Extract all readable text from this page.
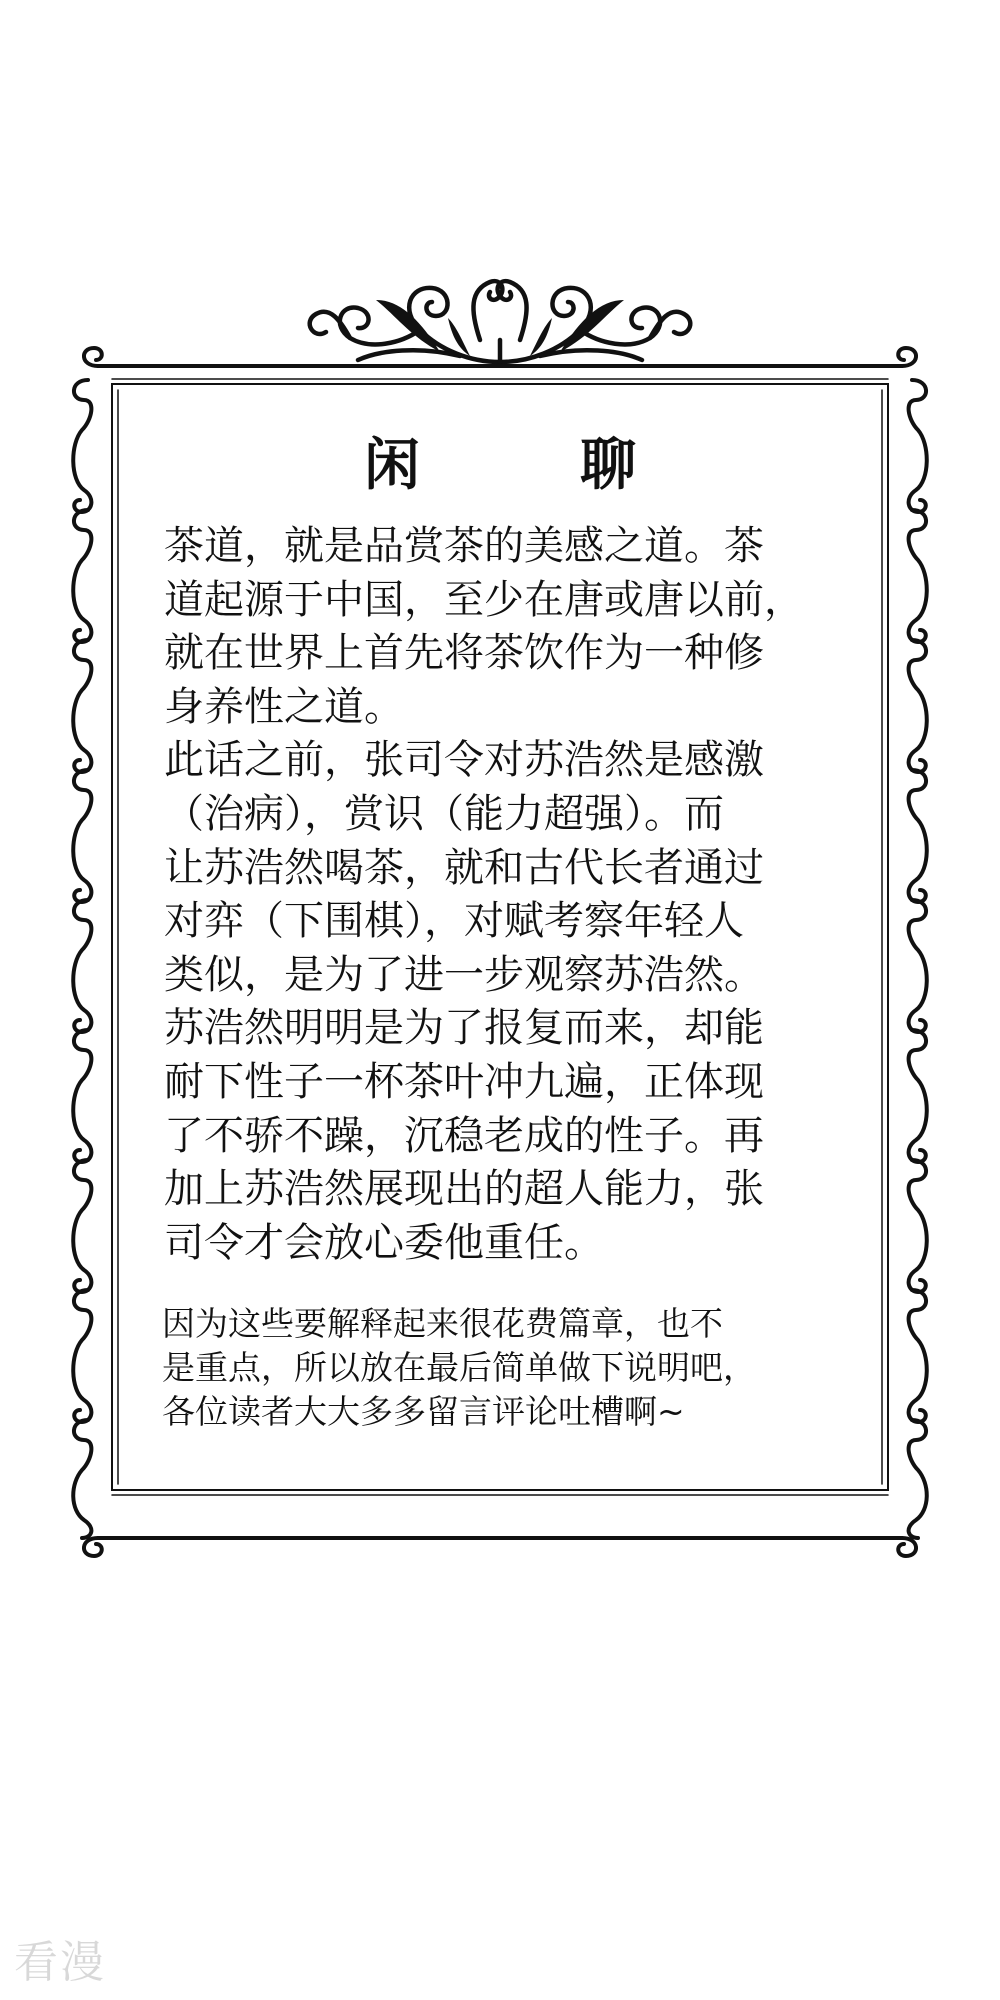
闲	聊
茶道，就是品赏茶的美感之道。茶
道起源于中国，至少在唐或唐以前，
就在世界上首先将茶饮作为一种修
身养性之道。
此话之前，张司令对苏浩然是感激
（治病），赏识（能力超强）。而
让苏浩然喝茶，就和古代长者通过
对弈（下围棋），对赋考察年轻人
类似，是为了进一步观察苏浩然。
苏浩然明明是为了报复而来，却能
耐下性子一杯茶叶冲九遍，正体现
了不骄不躁，沉稳老成的性子。再
加上苏浩然展现出的超人能力，张
司令才会放心委他重任。
因为这些要解释起来很花费篇章，也不
是重点，所以放在最后简单做下说明吧，
各位读者大大多多留言评论吐槽啊~
看漫
